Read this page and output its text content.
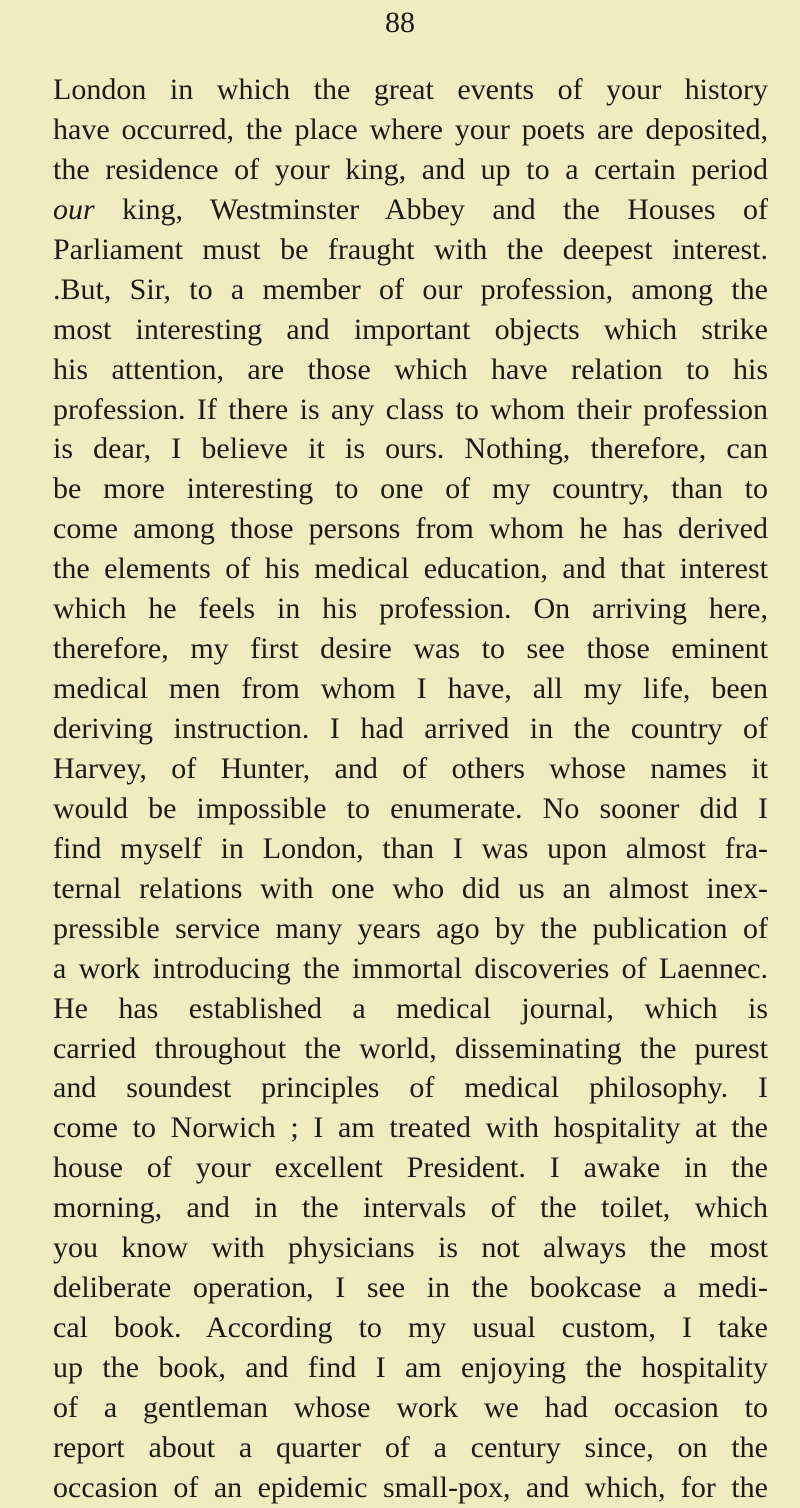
88
London in which the great events of your history
have occurred, the place where your poets are deposited,
the residence of your king, and up to a certain period
our king, Westminster Abbey and the Houses of
Parliament must be fraught with the deepest interest.
.But, Sir, to a member of our profession, among the
most interesting and important objects which strike
his attention, are those which have relation to his
profession. If there is any class to whom their profession
is dear, I believe it is ours. Nothing, therefore, can
be more interesting to one of my country, than to
come among those persons from whom he has derived
the elements of his medical education, and that interest
which he feels in his profession. On arriving here,
therefore, my first desire was to see those eminent
medical men from whom I have, all my life, been
deriving instruction. I had arrived in the country of
Harvey, of Hunter, and of others whose names it
would be impossible to enumerate. No sooner did I
find myself in London, than I was upon almost fra-
ternal relations with one who did us an almost inex-
pressible service many years ago by the publication of
a work introducing the immortal discoveries of Laennec.
He has established a medical journal, which is
carried throughout the world, disseminating the purest
and soundest principles of medical philosophy. I
come to Norwich ; I am treated with hospitality at the
house of your excellent President. I awake in the
morning, and in the intervals of the toilet, which
you know with physicians is not always the most
deliberate operation, I see in the bookcase a medi-
cal book. According to my usual custom, I take
up the book, and find I am enjoying the hospitality
of a gentleman whose work we had occasion to
report about a quarter of a century since, on the
occasion of an epidemic small-pox, and which, for the
